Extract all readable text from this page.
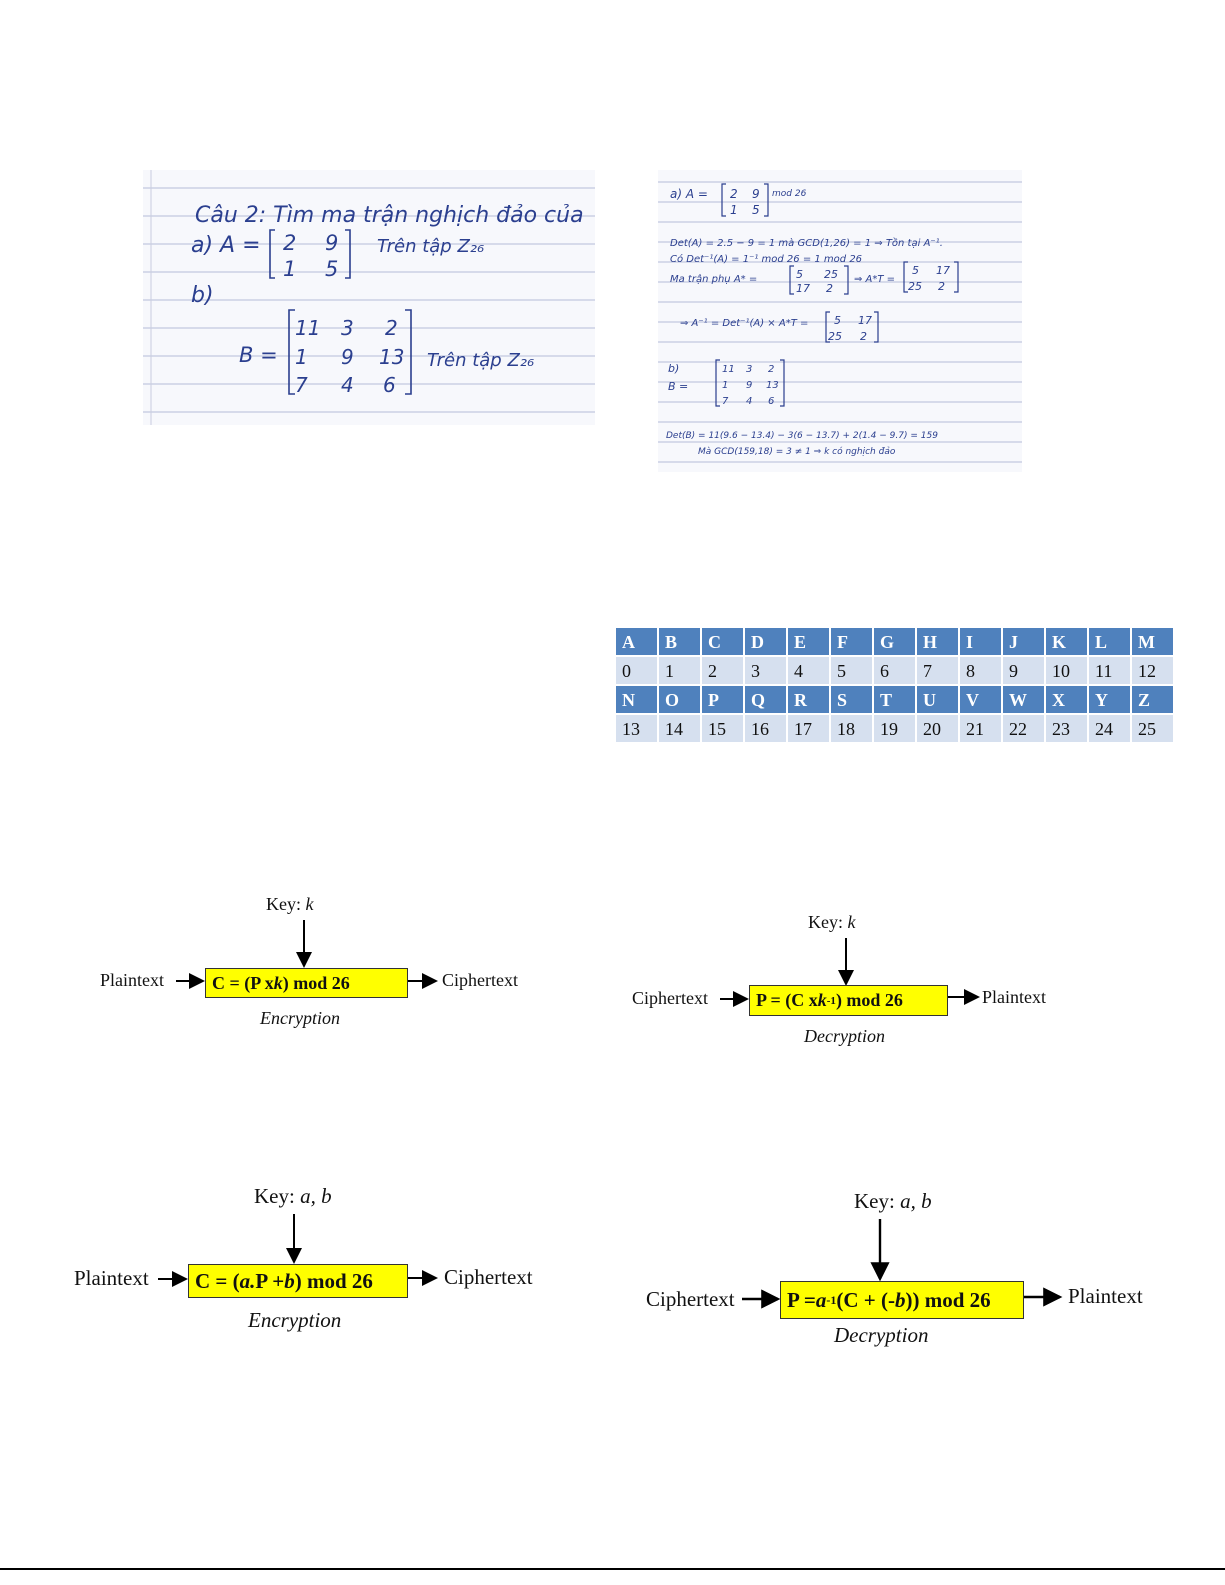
Câu 2: Tìm ma trận nghịch đảo của
a) A = 2 9
1 5
Trên tập Z₂₆
b)
B =
11 3 2
1 9 13
7 4 6
Trên tập Z₂₆
a) A = 2 9
1 5
mod 26
Det(A) = 2.5 − 9 = 1 mà GCD(1,26) = 1 ⇒ Tồn tại A⁻¹.
Có Det⁻¹(A) = 1⁻¹ mod 26 = 1 mod 26
Ma trận phụ A* =	5 25
17 2
⇒ A*T =
5 17
25 2
⇒ A⁻¹ = Det⁻¹(A) × A*T = 5 17
25 2
b)
B =
11 3 2
1 9 13
7 4 6
Det(B) = 11(9.6 − 13.4) − 3(6 − 13.7) + 2(1.4 − 9.7) = 159
Mà GCD(159,18) = 3 ≠ 1 ⇒ k có nghịch đảo
A	B	C	D	E	F	G	H	I	J	K	L	M
0	1	2	3	4	5	6	7	8	9	10	11	12
N	O	P	Q	R	S	T	U	V	W	X	Y	Z
13	14	15	16	17	18	19	20	21	22	23	24	25
Key: k
Plaintext	C = (P x k ) mod 26	Ciphertext
Encryption
Key: k
Ciphertext	P = (C x k -1 ) mod 26	Plaintext
Decryption
Key: a, b
Plaintext C = ( a. P + b ) mod 26	Ciphertext
Encryption
Key: a, b
Ciphertext P = a -1 (C + (- b )) mod 26	Plaintext
Decryption
